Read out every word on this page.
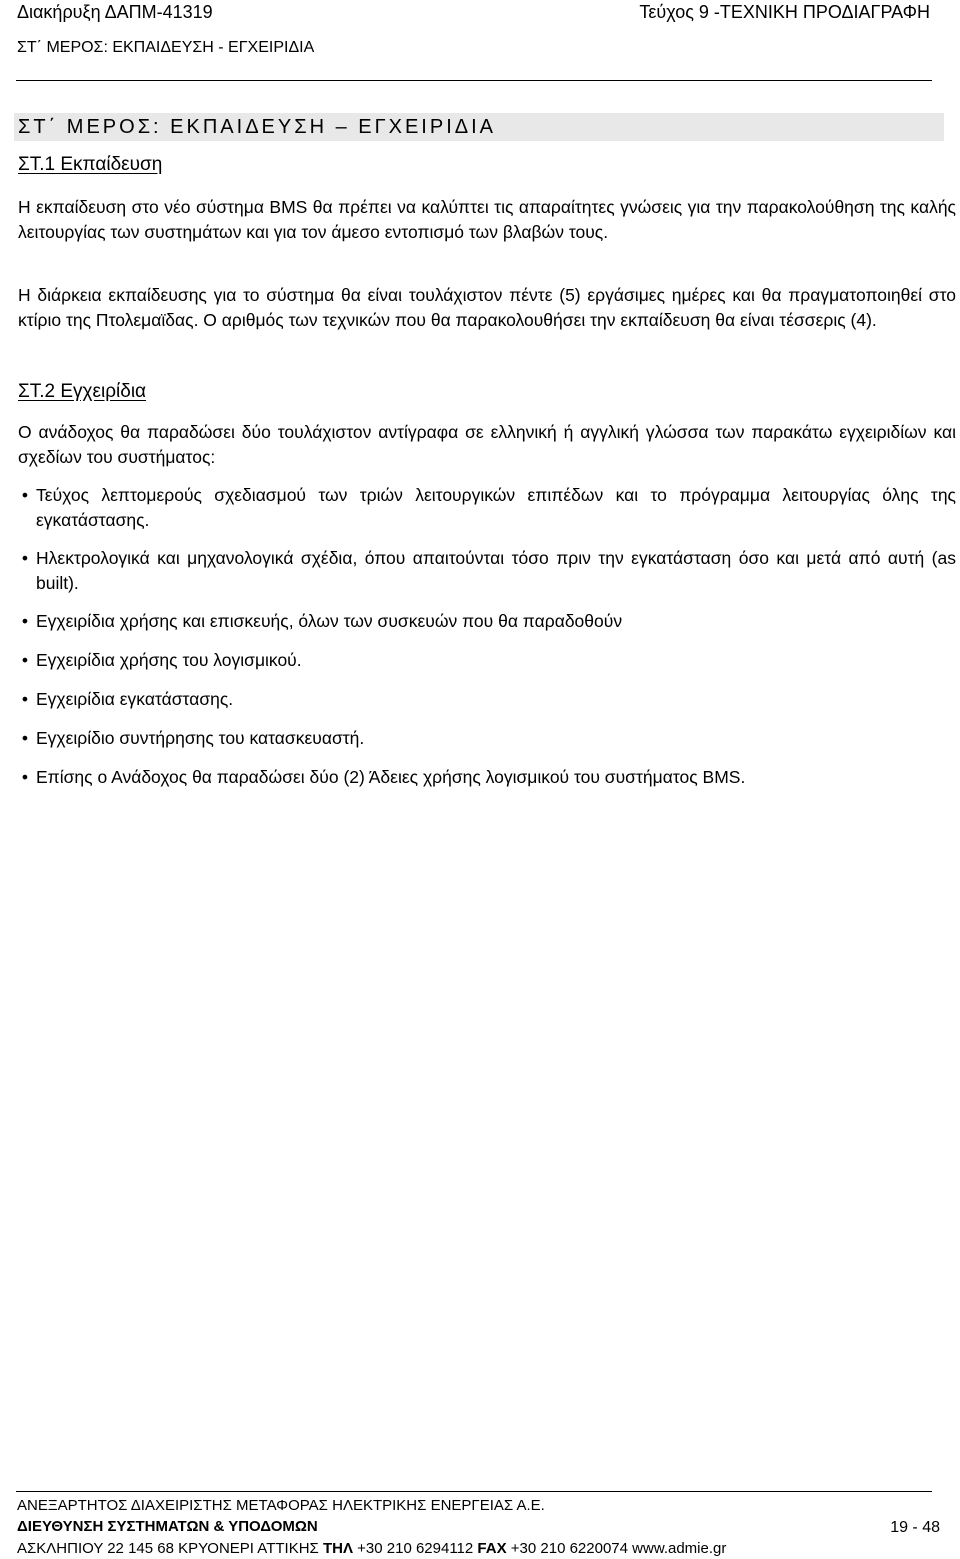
Διακήρυξη ΔΑΠΜ-41319	Τεύχος 9 -ΤΕΧΝΙΚΗ ΠΡΟΔΙΑΓΡΑΦΗ
ΣΤ΄ ΜΕΡΟΣ: ΕΚΠΑΙΔΕΥΣΗ - ΕΓΧΕΙΡΙΔΙΑ
ΣΤ΄ ΜΕΡΟΣ: ΕΚΠΑΙΔΕΥΣΗ – ΕΓΧΕΙΡΙΔΙΑ
ΣΤ.1 Εκπαίδευση
Η εκπαίδευση στο νέο σύστημα BMS θα πρέπει να καλύπτει τις απαραίτητες γνώσεις για την παρακολούθηση της καλής λειτουργίας των συστημάτων και για τον άμεσο εντοπισμό των βλαβών τους.
Η διάρκεια εκπαίδευσης για το σύστημα θα είναι τουλάχιστον πέντε (5) εργάσιμες ημέρες και θα πραγματοποιηθεί στο κτίριο της Πτολεμαϊδας. Ο αριθμός των τεχνικών που θα παρακολουθήσει την εκπαίδευση θα είναι τέσσερις (4).
ΣΤ.2 Εγχειρίδια
Ο ανάδοχος θα παραδώσει δύο τουλάχιστον αντίγραφα σε ελληνική ή αγγλική γλώσσα των παρακάτω εγχειριδίων και σχεδίων του συστήματος:
• Τεύχος λεπτομερούς σχεδιασμού των τριών λειτουργικών επιπέδων και το πρόγραμμα λειτουργίας όλης της εγκατάστασης.
• Ηλεκτρολογικά και μηχανολογικά σχέδια, όπου απαιτούνται τόσο πριν την εγκατάσταση όσο και μετά από αυτή (as built).
• Εγχειρίδια χρήσης και επισκευής, όλων των συσκευών που θα παραδοθούν
• Εγχειρίδια χρήσης του λογισμικού.
• Εγχειρίδια εγκατάστασης.
• Εγχειρίδιο συντήρησης του κατασκευαστή.
• Επίσης ο Ανάδοχος θα παραδώσει δύο (2) Άδειες χρήσης λογισμικού του συστήματος BMS.
ΑΝΕΞΑΡΤΗΤΟΣ ΔΙΑΧΕΙΡΙΣΤΗΣ ΜΕΤΑΦΟΡΑΣ ΗΛΕΚΤΡΙΚΗΣ ΕΝΕΡΓΕΙΑΣ Α.Ε.
ΔΙΕΥΘΥΝΣΗ ΣΥΣΤΗΜΑΤΩΝ & ΥΠΟΔΟΜΩΝ
ΑΣΚΛΗΠΙΟΥ 22 145 68 ΚΡΥΟΝΕΡΙ ΑΤΤΙΚΗΣ ΤΗΛ +30 210 6294112 FAX +30 210 6220074 www.admie.gr
19 - 48
